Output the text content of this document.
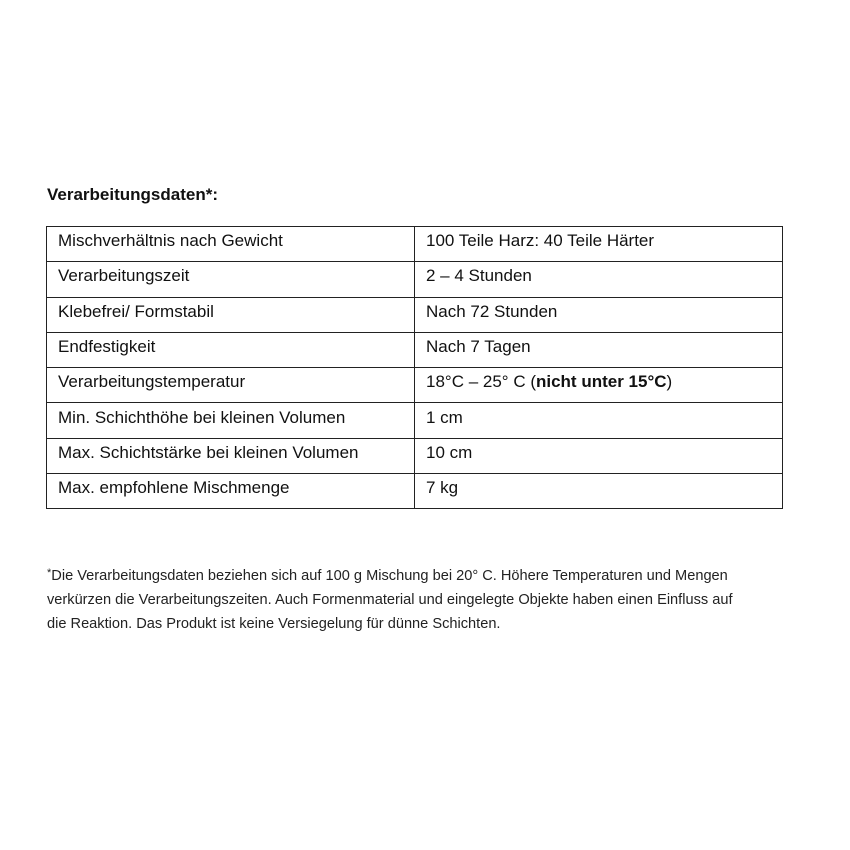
Verarbeitungsdaten*:
Mischverhältnis nach Gewicht	100 Teile Harz: 40 Teile Härter
Verarbeitungszeit	2 – 4 Stunden
Klebefrei/ Formstabil	Nach 72 Stunden
Endfestigkeit	Nach 7 Tagen
Verarbeitungstemperatur	18°C – 25° C (nicht unter 15°C)
Min. Schichthöhe bei kleinen Volumen	1 cm
Max. Schichtstärke bei kleinen Volumen	10 cm
Max. empfohlene Mischmenge	7 kg

*Die Verarbeitungsdaten beziehen sich auf 100 g Mischung bei 20° C. Höhere Temperaturen und Mengen

verkürzen die Verarbeitungszeiten. Auch Formenmaterial und eingelegte Objekte haben einen Einfluss auf

die Reaktion. Das Produkt ist keine Versiegelung für dünne Schichten.
